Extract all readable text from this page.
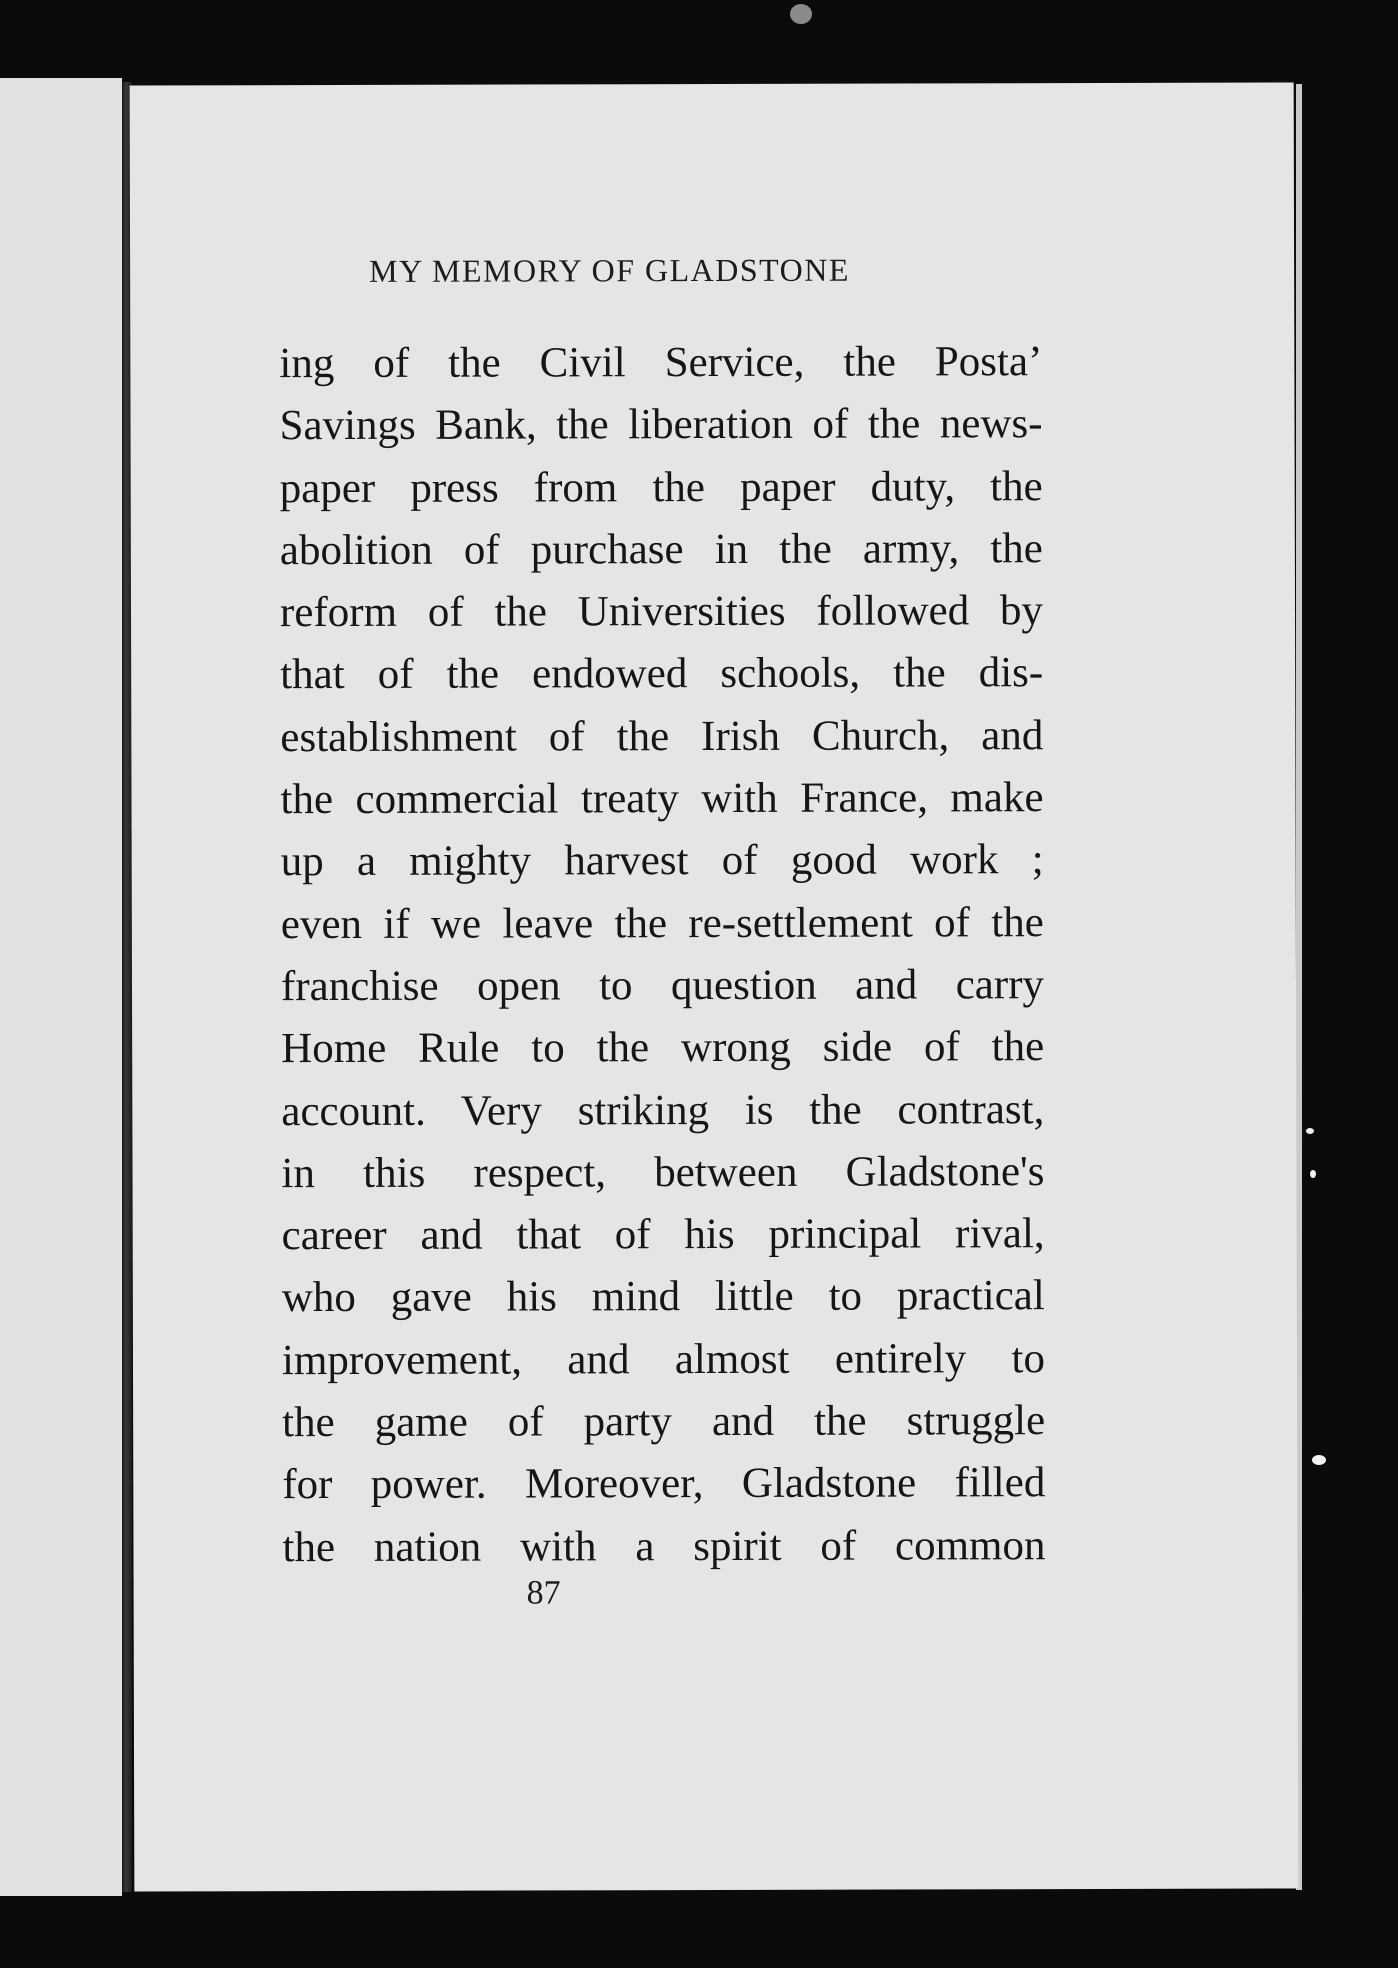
MY MEMORY OF GLADSTONE
ing of the Civil Service, the Postaʼ
Savings Bank, the liberation of the news-
paper press from the paper duty, the
abolition of purchase in the army, the
reform of the Universities followed by
that of the endowed schools, the dis-
establishment of the Irish Church, and
the commercial treaty with France, make
up a mighty harvest of good work ;
even if we leave the re-settlement of the
franchise open to question and carry
Home Rule to the wrong side of the
account. Very striking is the contrast,
in this respect, between Gladstone's
career and that of his principal rival,
who gave his mind little to practical
improvement, and almost entirely to
the game of party and the struggle
for power. Moreover, Gladstone filled
the nation with a spirit of common
87
